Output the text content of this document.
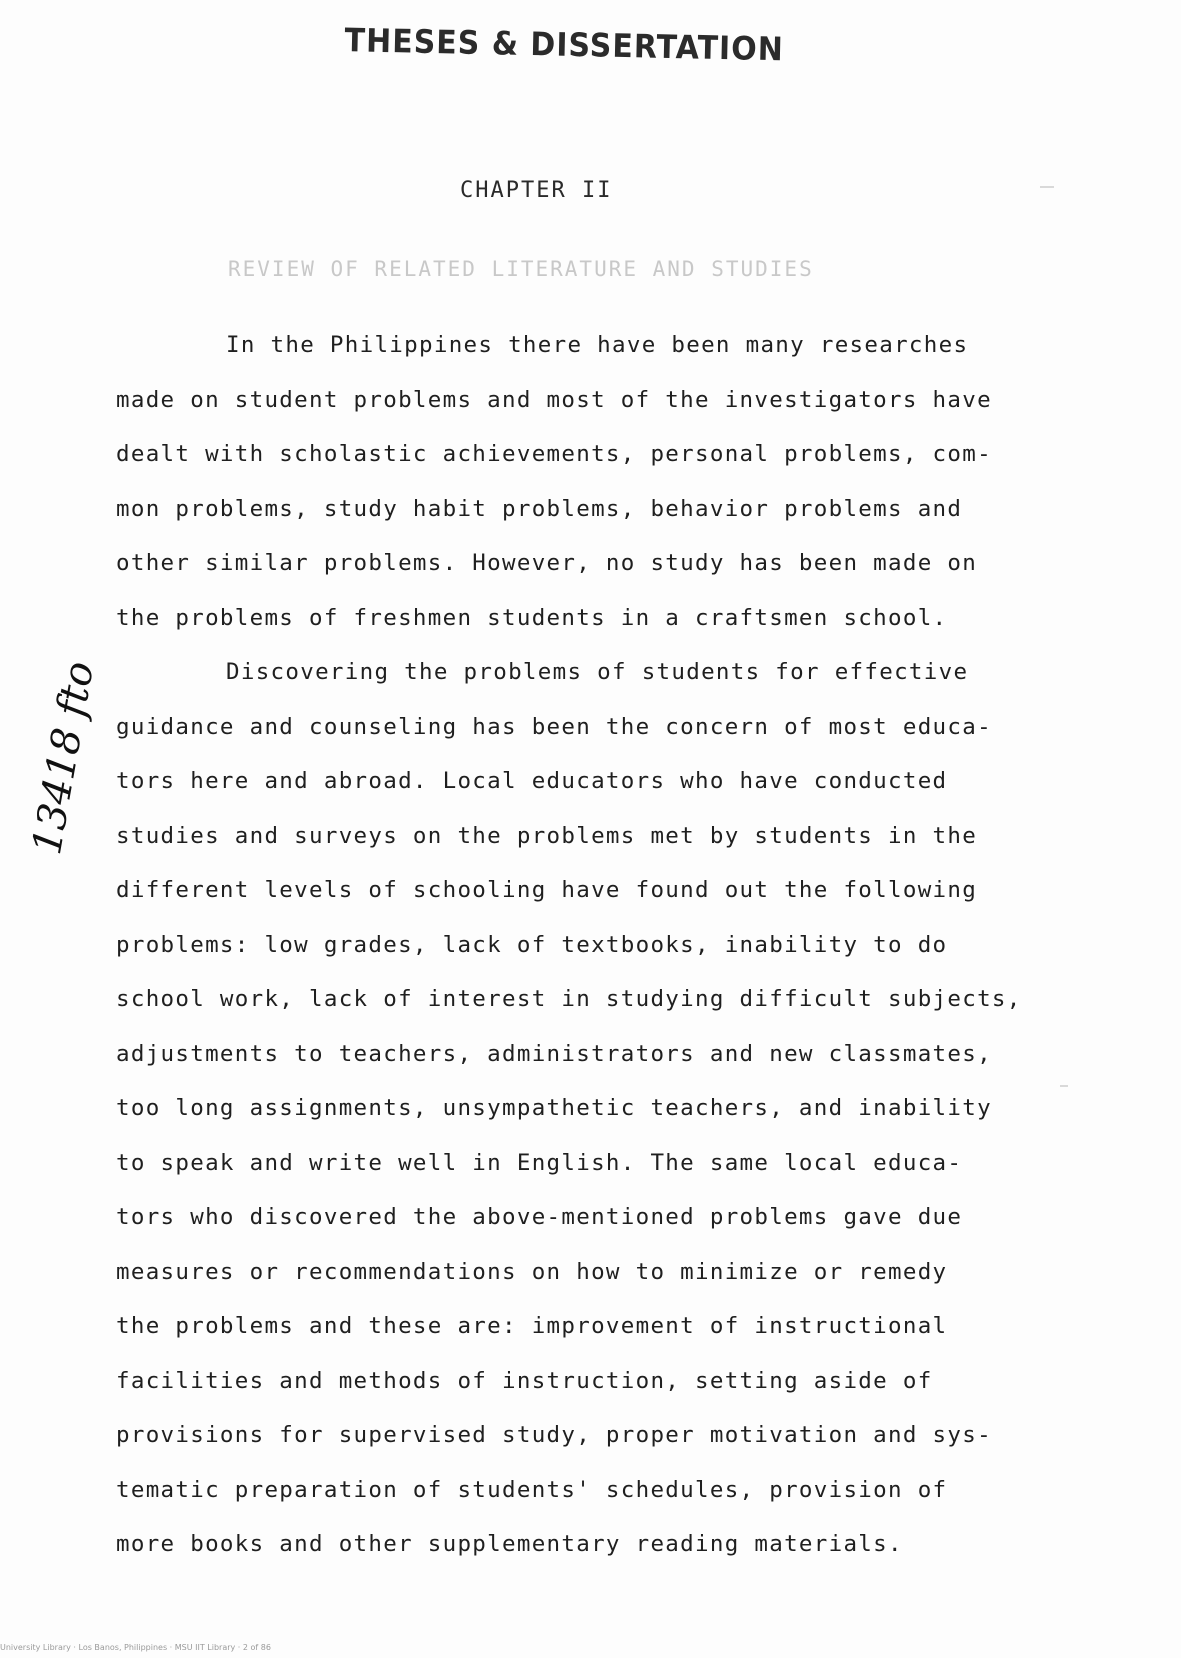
THESES & DISSERTATION
CHAPTER II
REVIEW OF RELATED LITERATURE AND STUDIES
In the Philippines there have been many researches
made on student problems and most of the investigators have
dealt with scholastic achievements, personal problems, com-
mon problems, study habit problems, behavior problems and
other similar problems. However, no study has been made on
the problems of freshmen students in a craftsmen school.
Discovering the problems of students for effective
guidance and counseling has been the concern of most educa-
tors here and abroad. Local educators who have conducted
studies and surveys on the problems met by students in the
different levels of schooling have found out the following
problems: low grades, lack of textbooks, inability to do
school work, lack of interest in studying difficult subjects,
adjustments to teachers, administrators and new classmates,
too long assignments, unsympathetic teachers, and inability
to speak and write well in English. The same local educa-
tors who discovered the above-mentioned problems gave due
measures or recommendations on how to minimize or remedy
the problems and these are: improvement of instructional
facilities and methods of instruction, setting aside of
provisions for supervised study, proper motivation and sys-
tematic preparation of students' schedules, provision of
more books and other supplementary reading materials.
13418 fto
University Library · Los Banos, Philippines · MSU IIT Library · 2 of 86
